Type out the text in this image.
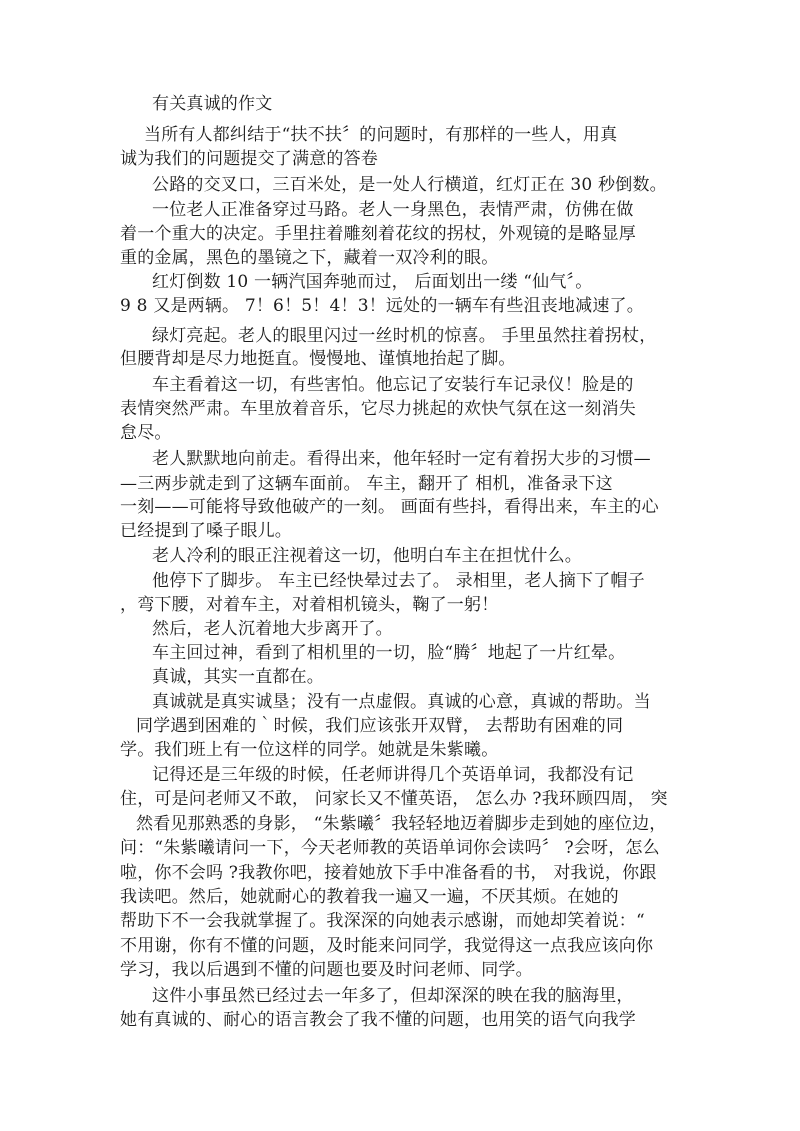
有关真诚的作文
当所有人都纠结于“扶不扶〞的问题时，有那样的一些人，用真
诚为我们的问题提交了满意的答卷
公路的交叉口，三百米处，是一处人行横道，红灯正在 30 秒倒数。
一位老人正准备穿过马路。老人一身黑色，表情严肃，仿佛在做
着一个重大的决定。手里拄着雕刻着花纹的拐杖，外观镜的是略显厚
重的金属，黑色的墨镜之下，藏着一双冷利的眼。
红灯倒数 10 一辆汽国奔驰而过， 后面划出一缕 “仙气〞。
9 8 又是两辆。 7！6！5！4！3！远处的一辆车有些沮丧地减速了。
绿灯亮起。老人的眼里闪过一丝时机的惊喜。 手里虽然拄着拐杖，
但腰背却是尽力地挺直。慢慢地、谨慎地抬起了脚。
车主看着这一切，有些害怕。他忘记了安装行车记录仪！脸是的
表情突然严肃。车里放着音乐，它尽力挑起的欢快气氛在这一刻消失
怠尽。
老人默默地向前走。看得出来，他年轻时一定有着拐大步的习惯—
—三两步就走到了这辆车面前。 车主，翻开了 相机，准备录下这
一刻——可能将导致他破产的一刻。 画面有些抖，看得出来，车主的心
已经提到了嗓子眼儿。
老人冷利的眼正注视着这一切，他明白车主在担忧什么。
他停下了脚步。 车主已经快晕过去了。 录相里，老人摘下了帽子
，弯下腰，对着车主，对着相机镜头，鞠了一躬！
然后，老人沉着地大步离开了。
车主回过神，看到了相机里的一切，脸“腾〞地起了一片红晕。
真诚，其实一直都在。
真诚就是真实诚垦；没有一点虚假。真诚的心意，真诚的帮助。当
同学遇到困难的｀时候，我们应该张开双臂， 去帮助有困难的同
学。我们班上有一位这样的同学。她就是朱紫曦。
记得还是三年级的时候，任老师讲得几个英语单词，我都没有记
住，可是问老师又不敢， 问家长又不懂英语， 怎么办 ?我环顾四周， 突
然看见那熟悉的身影， “朱紫曦〞我轻轻地迈着脚步走到她的座位边，
问：“朱紫曦请问一下，今天老师教的英语单词你会读吗〞 ?会呀，怎么
啦，你不会吗 ?我教你吧，接着她放下手中准备看的书， 对我说，你跟
我读吧。然后，她就耐心的教着我一遍又一遍，不厌其烦。在她的
帮助下不一会我就掌握了。我深深的向她表示感谢，而她却笑着说：“
不用谢，你有不懂的问题，及时能来问同学，我觉得这一点我应该向你
学习，我以后遇到不懂的问题也要及时问老师、同学。
这件小事虽然已经过去一年多了，但却深深的映在我的脑海里，
她有真诚的、耐心的语言教会了我不懂的问题，也用笑的语气向我学
